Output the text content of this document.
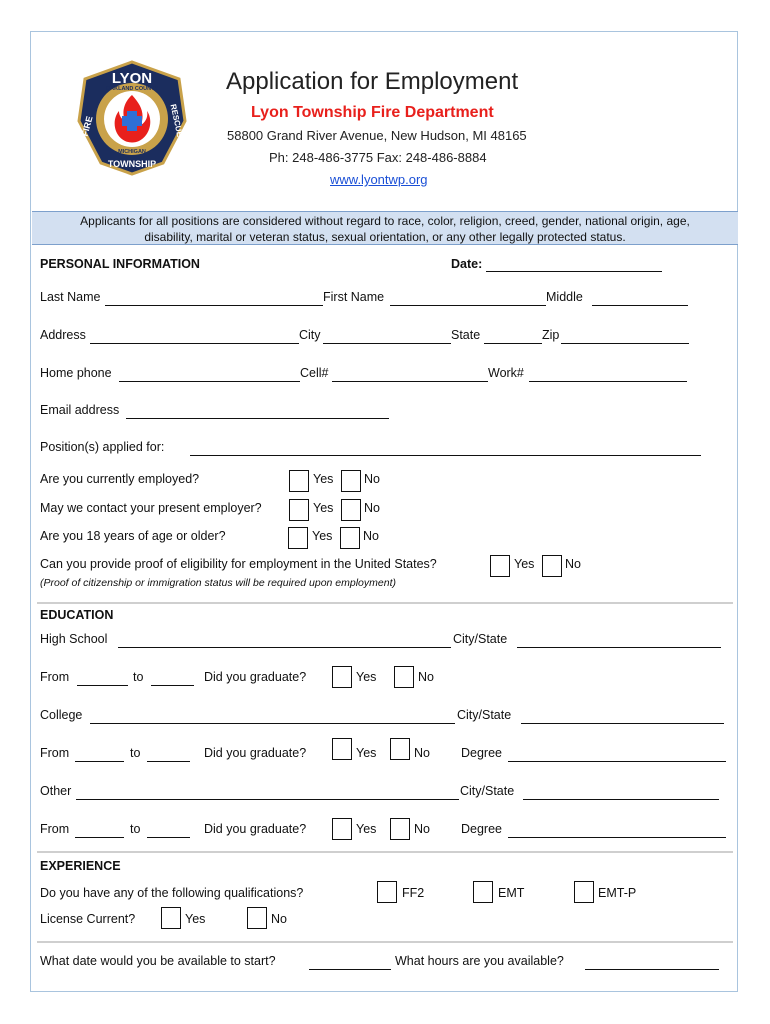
LYON
TOWNSHIP
OAKLAND COUNTY
MICHIGAN
FIRE	RESCUE
Application for Employment
Lyon Township Fire Department
58800 Grand River Avenue, New Hudson, MI 48165
Ph: 248-486-3775 Fax: 248-486-8884
www.lyontwp.org
Applicants for all positions are considered without regard to race, color, religion, creed, gender, national origin, age,
disability, marital or veteran status, sexual orientation, or any other legally protected status.
PERSONAL INFORMATION	Date:
Last Name	First Name	Middle
Address	City	State	Zip
Home phone	Cell#	Work#
Email address
Position(s) applied for:
Are you currently employed?	Yes No
May we contact your present employer?	Yes No
Are you 18 years of age or older?	Yes No
Can you provide proof of eligibility for employment in the United States?	Yes No
(Proof of citizenship or immigration status will be required upon employment)
EDUCATION
High School	City/State
From	to	Did you graduate?	Yes	No
College	City/State
From	to	Did you graduate?	Yes	No Degree
Other	City/State
From	to	Did you graduate?	Yes	No Degree
EXPERIENCE
Do you have any of the following qualifications?	FF2	EMT	EMT-P
License Current?	Yes	No
What date would you be available to start?	What hours are you available?
